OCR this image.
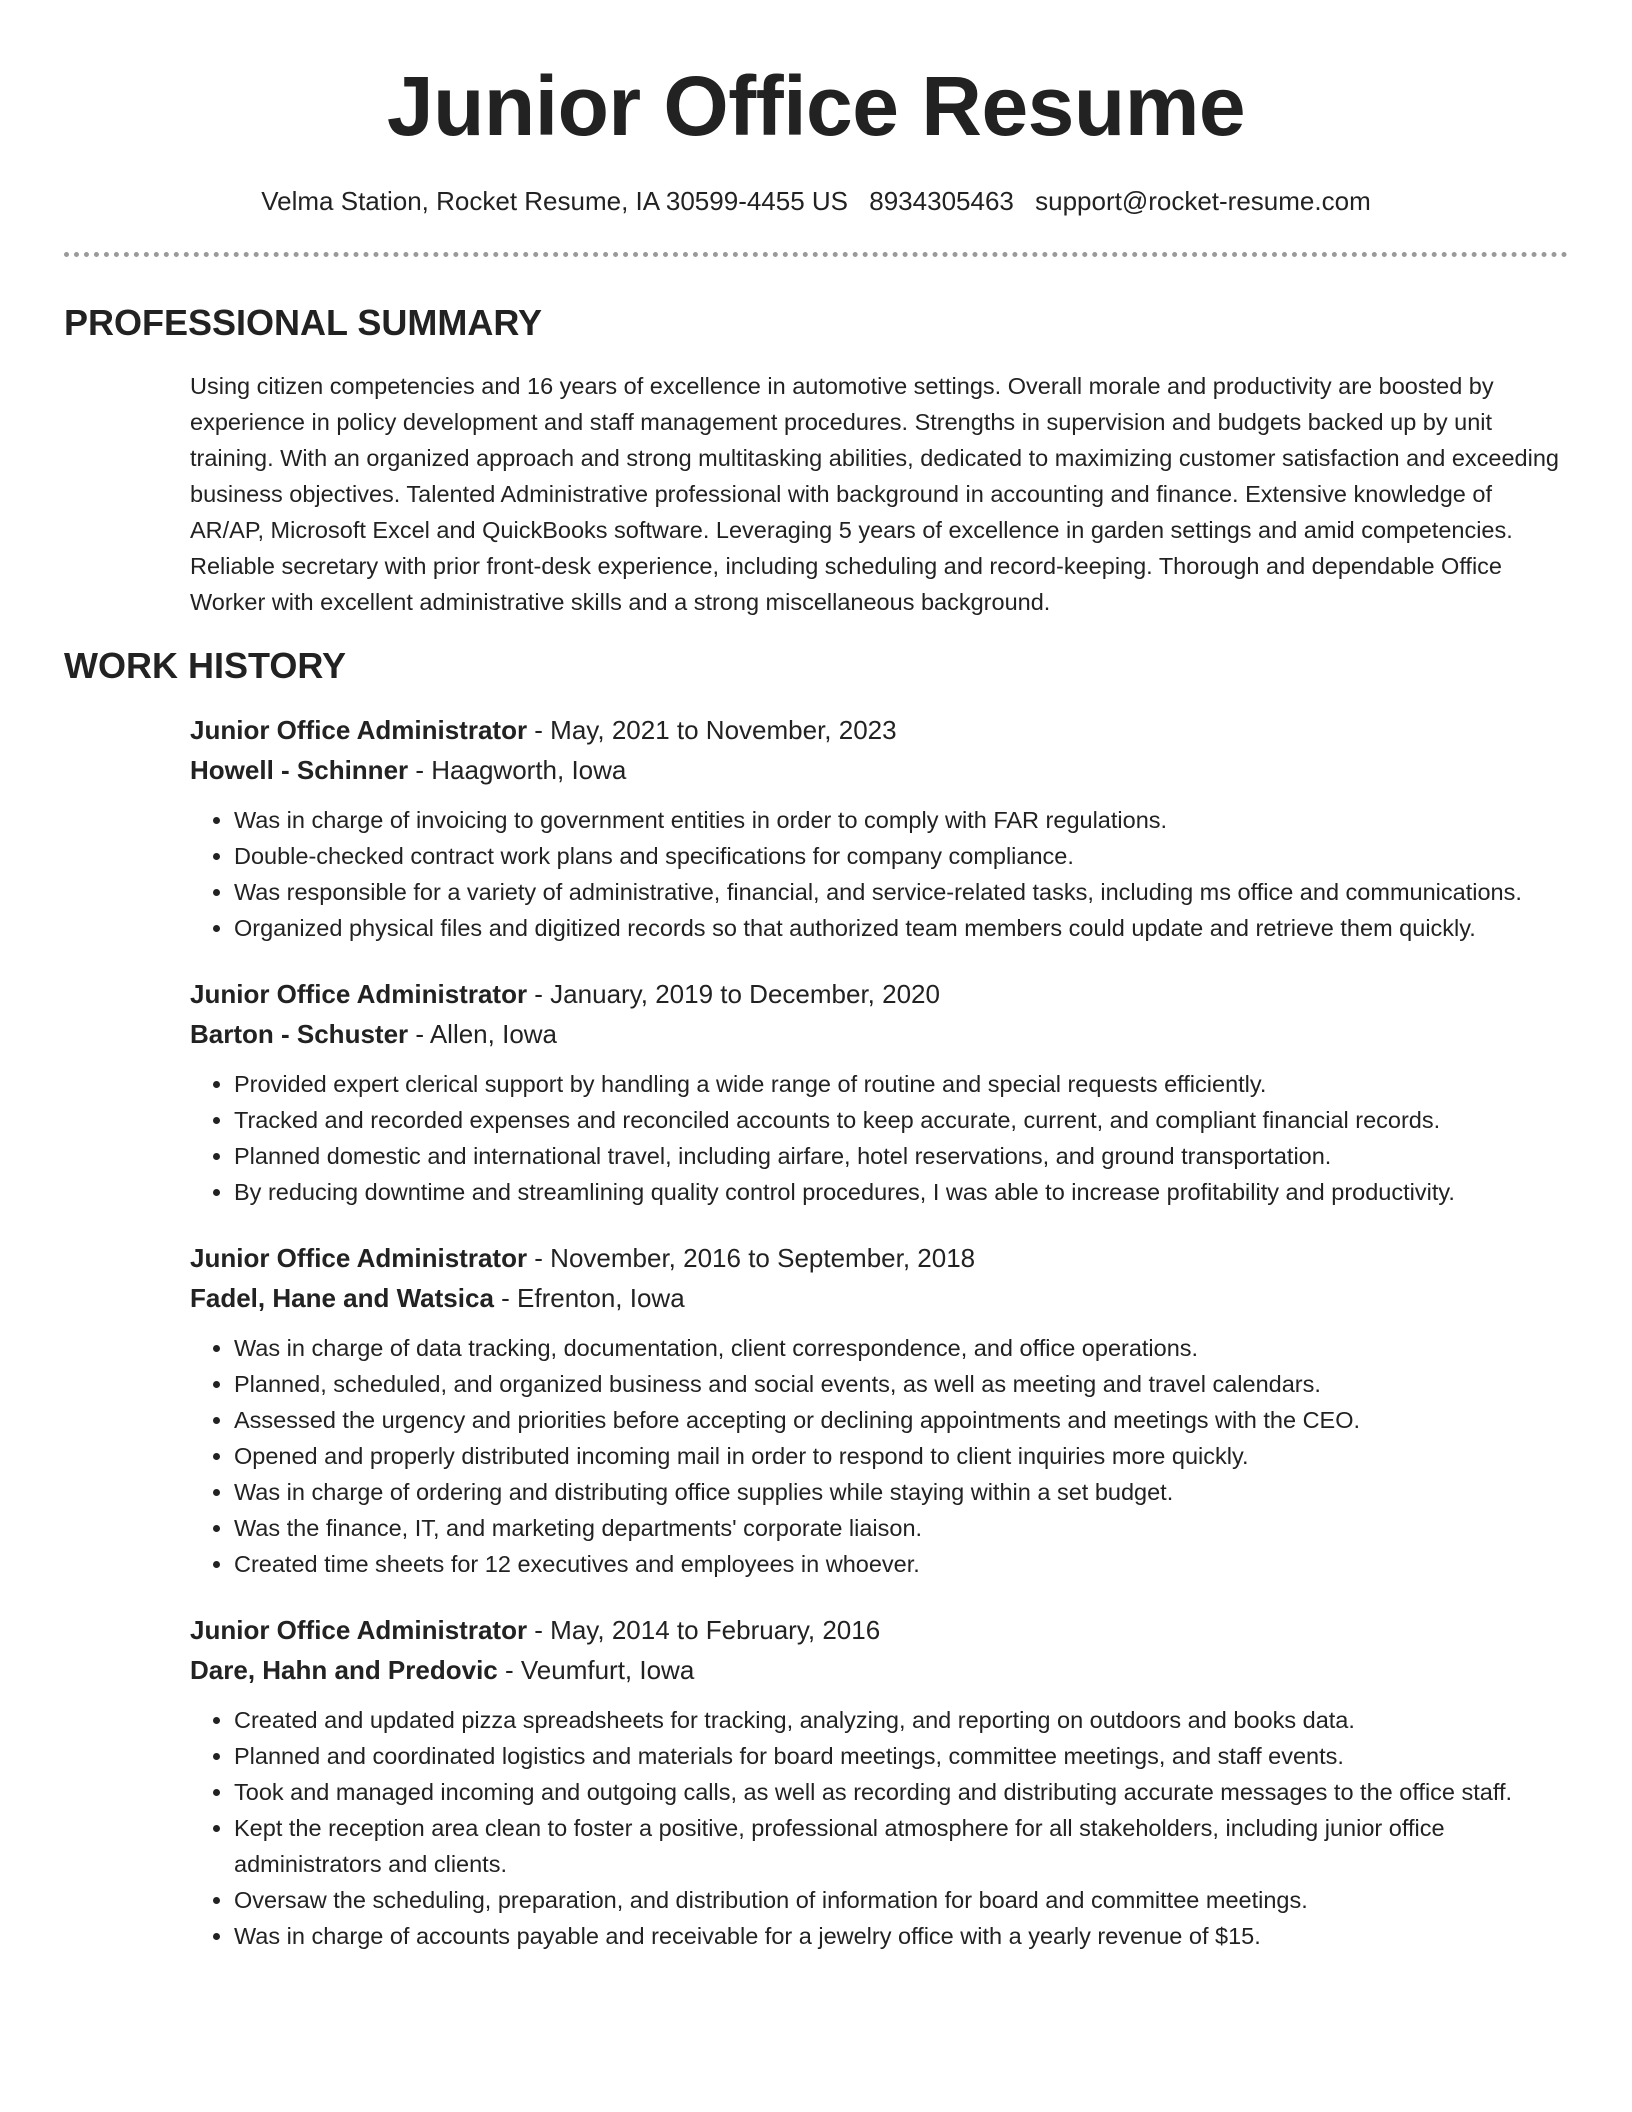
Junior Office Resume
Velma Station, Rocket Resume, IA 30599-4455 US 8934305463 support@rocket-resume.com
PROFESSIONAL SUMMARY
Using citizen competencies and 16 years of excellence in automotive settings. Overall morale and productivity are boosted by experience in policy development and staff management procedures. Strengths in supervision and budgets backed up by unit training. With an organized approach and strong multitasking abilities, dedicated to maximizing customer satisfaction and exceeding business objectives. Talented Administrative professional with background in accounting and finance. Extensive knowledge of AR/AP, Microsoft Excel and QuickBooks software. Leveraging 5 years of excellence in garden settings and amid competencies. Reliable secretary with prior front-desk experience, including scheduling and record-keeping. Thorough and dependable Office Worker with excellent administrative skills and a strong miscellaneous background.
WORK HISTORY
Junior Office Administrator - May, 2021 to November, 2023
Howell - Schinner - Haagworth, Iowa
• Was in charge of invoicing to government entities in order to comply with FAR regulations.
• Double-checked contract work plans and specifications for company compliance.
• Was responsible for a variety of administrative, financial, and service-related tasks, including ms office and communications.
• Organized physical files and digitized records so that authorized team members could update and retrieve them quickly.
Junior Office Administrator - January, 2019 to December, 2020
Barton - Schuster - Allen, Iowa
• Provided expert clerical support by handling a wide range of routine and special requests efficiently.
• Tracked and recorded expenses and reconciled accounts to keep accurate, current, and compliant financial records.
• Planned domestic and international travel, including airfare, hotel reservations, and ground transportation.
• By reducing downtime and streamlining quality control procedures, I was able to increase profitability and productivity.
Junior Office Administrator - November, 2016 to September, 2018
Fadel, Hane and Watsica - Efrenton, Iowa
• Was in charge of data tracking, documentation, client correspondence, and office operations.
• Planned, scheduled, and organized business and social events, as well as meeting and travel calendars.
• Assessed the urgency and priorities before accepting or declining appointments and meetings with the CEO.
• Opened and properly distributed incoming mail in order to respond to client inquiries more quickly.
• Was in charge of ordering and distributing office supplies while staying within a set budget.
• Was the finance, IT, and marketing departments' corporate liaison.
• Created time sheets for 12 executives and employees in whoever.
Junior Office Administrator - May, 2014 to February, 2016
Dare, Hahn and Predovic - Veumfurt, Iowa
• Created and updated pizza spreadsheets for tracking, analyzing, and reporting on outdoors and books data.
• Planned and coordinated logistics and materials for board meetings, committee meetings, and staff events.
• Took and managed incoming and outgoing calls, as well as recording and distributing accurate messages to the office staff.
• Kept the reception area clean to foster a positive, professional atmosphere for all stakeholders, including junior office administrators and clients.
• Oversaw the scheduling, preparation, and distribution of information for board and committee meetings.
• Was in charge of accounts payable and receivable for a jewelry office with a yearly revenue of $15.
